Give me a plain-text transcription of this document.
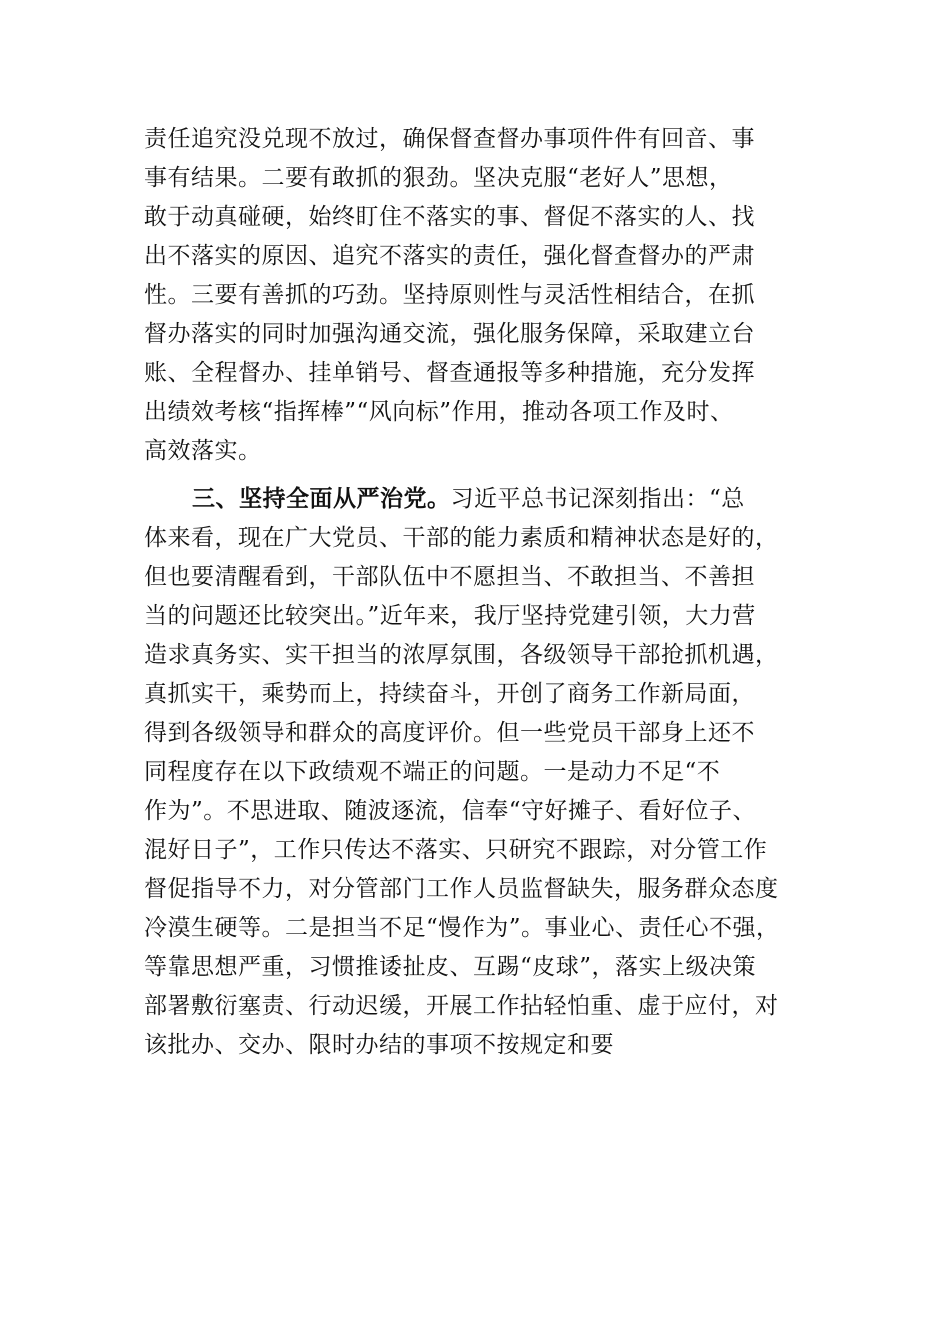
责任追究没兑现不放过，确保督查督办事项件件有回音、事
事有结果。二要有敢抓的狠劲。坚决克服“老好人”思想，
敢于动真碰硬，始终盯住不落实的事、督促不落实的人、找
出不落实的原因、追究不落实的责任，强化督查督办的严肃
性。三要有善抓的巧劲。坚持原则性与灵活性相结合，在抓
督办落实的同时加强沟通交流，强化服务保障，采取建立台
账、全程督办、挂单销号、督查通报等多种措施，充分发挥
出绩效考核“指挥棒”“风向标”作用，推动各项工作及时、
高效落实。
三、坚持全面从严治党。习近平总书记深刻指出：“总
体来看，现在广大党员、干部的能力素质和精神状态是好的，
但也要清醒看到，干部队伍中不愿担当、不敢担当、不善担
当的问题还比较突出。”近年来，我厅坚持党建引领，大力营
造求真务实、实干担当的浓厚氛围，各级领导干部抢抓机遇，
真抓实干，乘势而上，持续奋斗，开创了商务工作新局面，
得到各级领导和群众的高度评价。但一些党员干部身上还不
同程度存在以下政绩观不端正的问题。一是动力不足“不
作为”。不思进取、随波逐流，信奉“守好摊子、看好位子、
混好日子”，工作只传达不落实、只研究不跟踪，对分管工作
督促指导不力，对分管部门工作人员监督缺失，服务群众态度
冷漠生硬等。二是担当不足“慢作为”。事业心、责任心不强，
等靠思想严重，习惯推诿扯皮、互踢“皮球”，落实上级决策
部署敷衍塞责、行动迟缓，开展工作拈轻怕重、虚于应付，对
该批办、交办、限时办结的事项不按规定和要
